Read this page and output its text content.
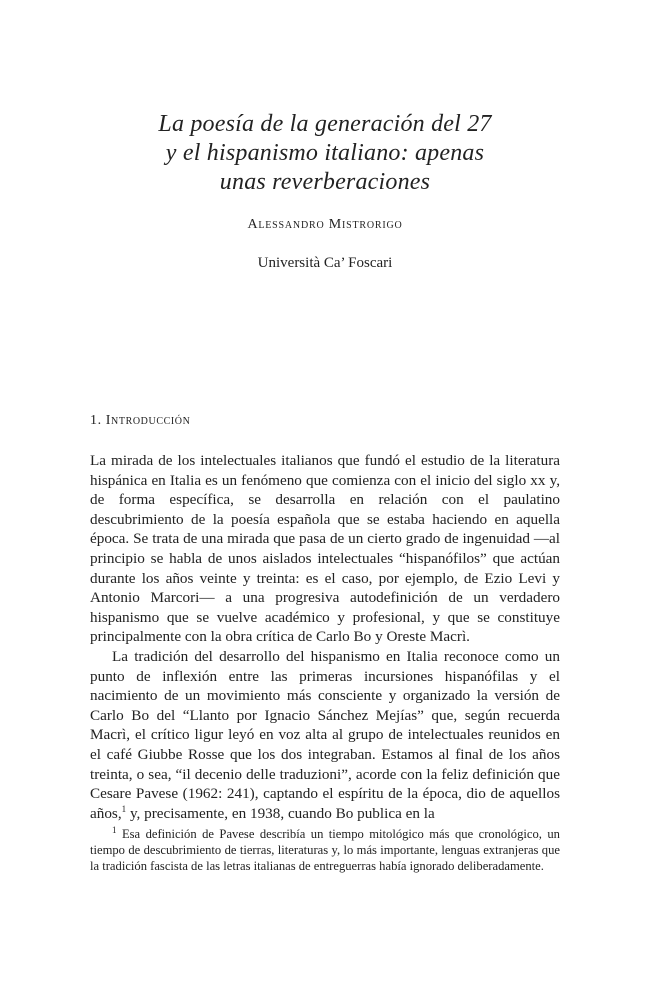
La poesía de la generación del 27
y el hispanismo italiano: apenas
unas reverberaciones
Alessandro Mistrorigo
Università Ca’ Foscari
1. Introducción

La mirada de los intelectuales italianos que fundó el estudio de la literatura hispánica en Italia es un fenómeno que comienza con el inicio del siglo xx y, de forma específica, se desarrolla en relación con el paulatino descubrimiento de la poesía española que se estaba haciendo en aquella época. Se trata de una mirada que pasa de un cierto grado de ingenuidad —al principio se habla de unos aislados intelectuales “hispanófilos” que actúan durante los años veinte y treinta: es el caso, por ejemplo, de Ezio Levi y Antonio Marcori— a una progresiva autodefinición de un verdadero hispanismo que se vuelve académico y profesional, y que se constituye principalmente con la obra crítica de Carlo Bo y Oreste Macrì.

La tradición del desarrollo del hispanismo en Italia reconoce como un punto de inflexión entre las primeras incursiones hispanófilas y el nacimiento de un movimiento más consciente y organizado la versión de Carlo Bo del “Llanto por Ignacio Sánchez Mejías” que, según recuerda Macrì, el crítico ligur leyó en voz alta al grupo de intelectuales reunidos en el café Giubbe Rosse que los dos integraban. Estamos al final de los años treinta, o sea, “il decenio delle traduzioni”, acorde con la feliz definición que Cesare Pavese (1962: 241), captando el espíritu de la época, dio de aquellos años,$^1$ y, precisamente, en 1938, cuando Bo publica en la

$^1$ Esa definición de Pavese describía un tiempo mitológico más que cronológico, un tiempo de descubrimiento de tierras, literaturas y, lo más importante, lenguas extranjeras que la tradición fascista de las letras italianas de entreguerras había ignorado deliberadamente.
